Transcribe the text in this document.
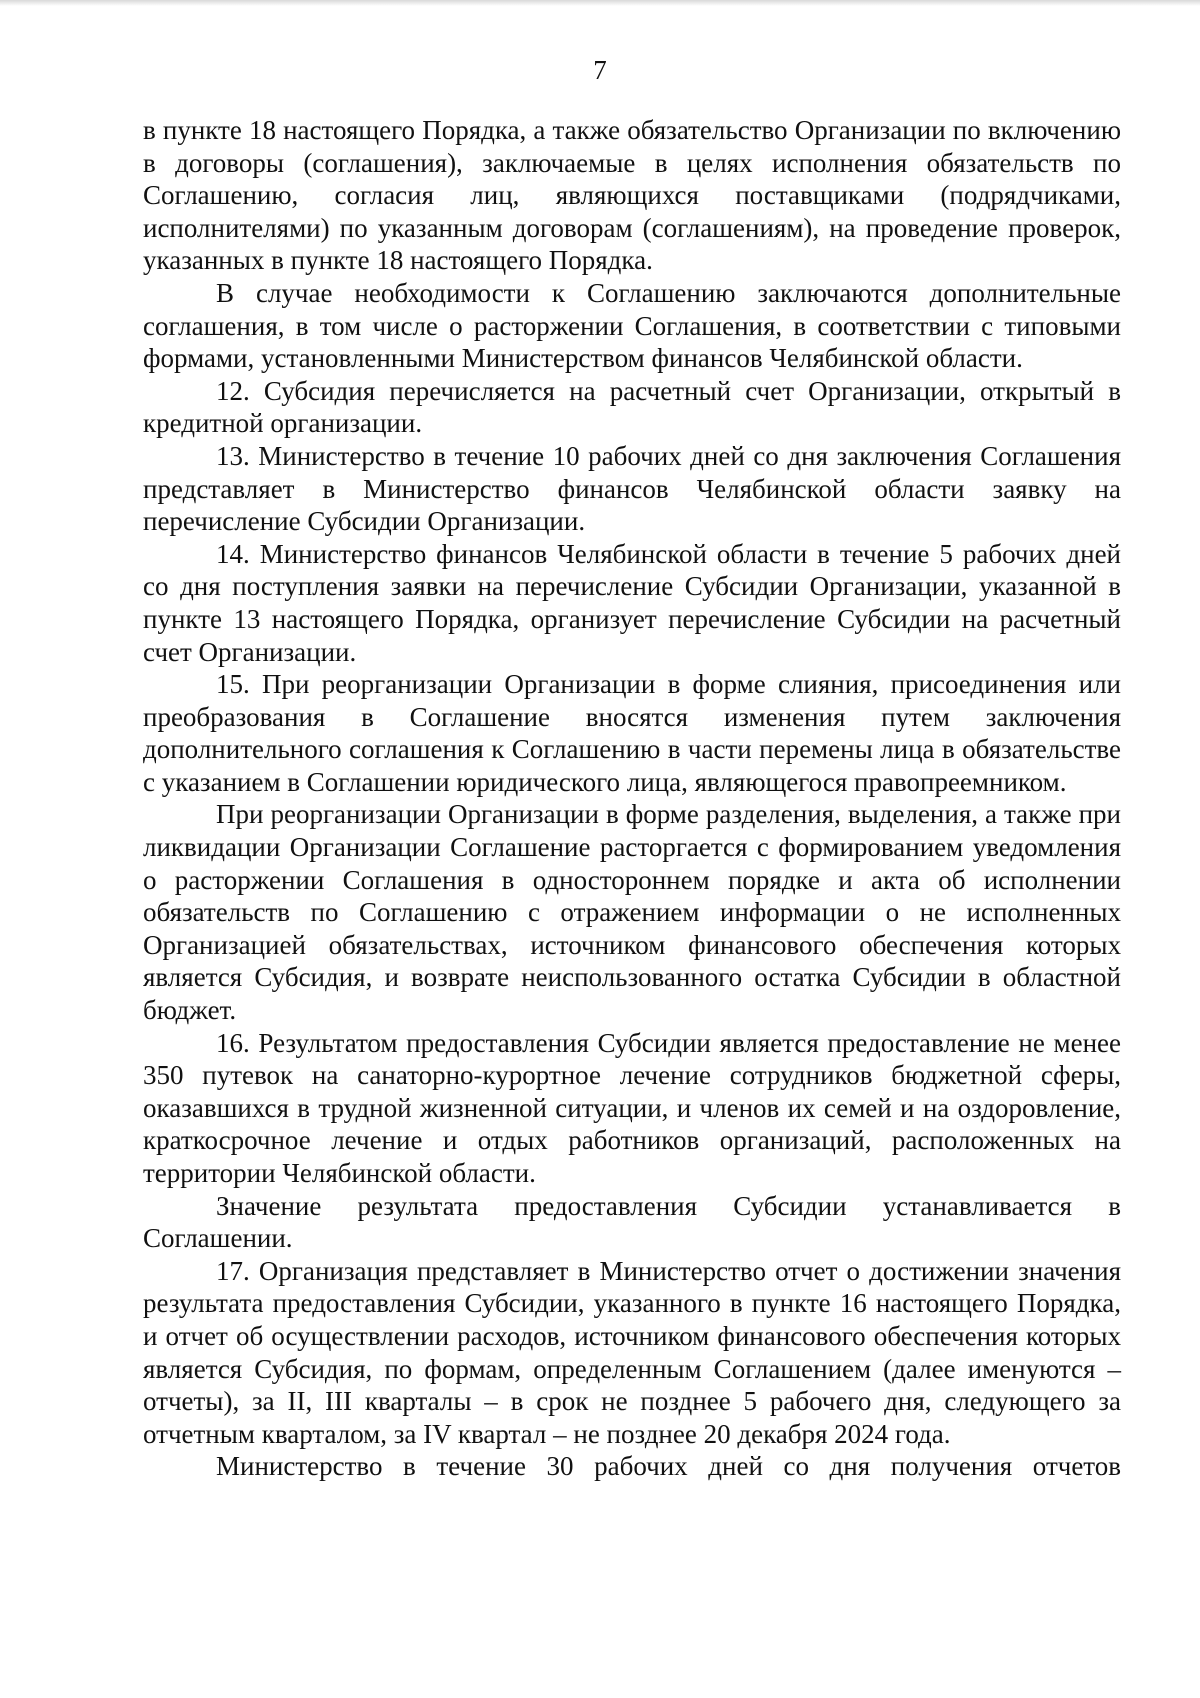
7

в пункте 18 настоящего Порядка, а также обязательство Организации по включению в договоры (соглашения), заключаемые в целях исполнения обязательств по Соглашению, согласия лиц, являющихся поставщиками (подрядчиками, исполнителями) по указанным договорам (соглашениям), на проведение проверок, указанных в пункте 18 настоящего Порядка.

В случае необходимости к Соглашению заключаются дополнительные соглашения, в том числе о расторжении Соглашения, в соответствии с типовыми формами, установленными Министерством финансов Челябинской области.

12. Субсидия перечисляется на расчетный счет Организации, открытый в кредитной организации.

13. Министерство в течение 10 рабочих дней со дня заключения Соглашения представляет в Министерство финансов Челябинской области заявку на перечисление Субсидии Организации.

14. Министерство финансов Челябинской области в течение 5 рабочих дней со дня поступления заявки на перечисление Субсидии Организации, указанной в пункте 13 настоящего Порядка, организует перечисление Субсидии на расчетный счет Организации.

15. При реорганизации Организации в форме слияния, присоединения или преобразования в Соглашение вносятся изменения путем заключения дополнительного соглашения к Соглашению в части перемены лица в обязательстве с указанием в Соглашении юридического лица, являющегося правопреемником.

При реорганизации Организации в форме разделения, выделения, а также при ликвидации Организации Соглашение расторгается с формированием уведомления о расторжении Соглашения в одностороннем порядке и акта об исполнении обязательств по Соглашению с отражением информации о не исполненных Организацией обязательствах, источником финансового обеспечения которых является Субсидия, и возврате неиспользованного остатка Субсидии в областной бюджет.

16. Результатом предоставления Субсидии является предоставление не менее 350 путевок на санаторно-курортное лечение сотрудников бюджетной сферы, оказавшихся в трудной жизненной ситуации, и членов их семей и на оздоровление, краткосрочное лечение и отдых работников организаций, расположенных на территории Челябинской области.

Значение результата предоставления Субсидии устанавливается в Соглашении.

17. Организация представляет в Министерство отчет о достижении значения результата предоставления Субсидии, указанного в пункте 16 настоящего Порядка, и отчет об осуществлении расходов, источником финансового обеспечения которых является Субсидия, по формам, определенным Соглашением (далее именуются – отчеты), за II, III кварталы – в срок не позднее 5 рабочего дня, следующего за отчетным кварталом, за IV квартал – не позднее 20 декабря 2024 года.

Министерство в течение 30 рабочих дней со дня получения отчетов
